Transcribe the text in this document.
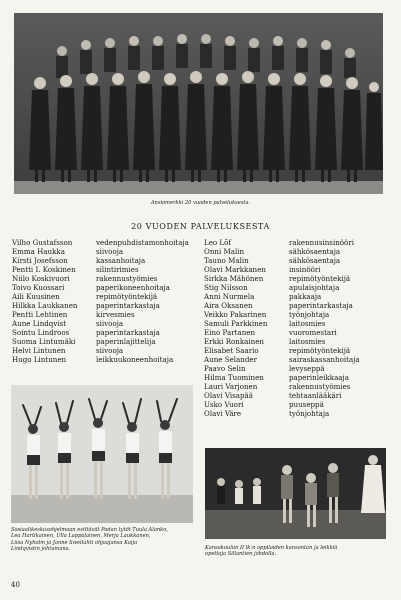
Ansiomerkki 20 vuoden palveluksesta.
20 VUODEN PALVELUKSESTA
Vilho Gustafsson
Emma Haukka
Kirsti Josefsson
Pentti I. Koskinen
Niilo Koskivuori
Toivo Kuossari
Aili Kuusinen
Hilkka Laukkanen
Pentti Lehtinen
Aune Lindqvist
Sointu Lindroos
Suoma Lintumäki
Helvi Lintunen
Hugo Lintunen
vedenpuhdistamonhoitaja
siivooja
kassanhoitaja
silintirimies
rakennustyömies
paperikoneenhoitaja
repimötyöntekijä
paperintarkastaja
kirvesmies
siivooja
paperintarkastaja
paperinlajittelija
siivooja
leikkuukoneenhoitaja
Leo Lõf
Onni Malin
Tauno Malin
Olavi Markkanen
Sirkka Mähönen
Stig Nilsson
Anni Nurmela
Aira Oksanen
Veikko Pakarinen
Samuli Parkkinen
Eino Partanen
Erkki Ronkainen
Elisabet Saario
Aune Selander
Paavo Selin
Hilma Tuominen
Lauri Varjonen
Olavi Visapää
Usko Vuori
Olavi Väre
rakennusinsinööri
sähkösaentaja
sähkösaentaja
insinööri
repimötyöntekijä
apulaisjohtaja
pakkaaja
paperintarkastaja
työnjohtaja
laitosmies
vuoromestari
laitosmies
repimötyöntekijä
sairaskassanhoitaja
levyseppä
paperinleikkaaja
rakennustyömies
tehtaanlääkäri
puuseppä
työnjohtaja
Sosiaalikeskusohjelmaan esittävät Padan tytöt Tuula Alanko,
Lea Hartikainen, Ulla Lappalainen, Merja Laukkanen,
Liisa Nyholm ja Janne Sweilahti ohjaajansa Kaija
Lindqvistin johtamana.	Kansakoulun II lk:n oppilaiden kansantan ja leikkiä
opettaja Sillantien johdolla.
40
